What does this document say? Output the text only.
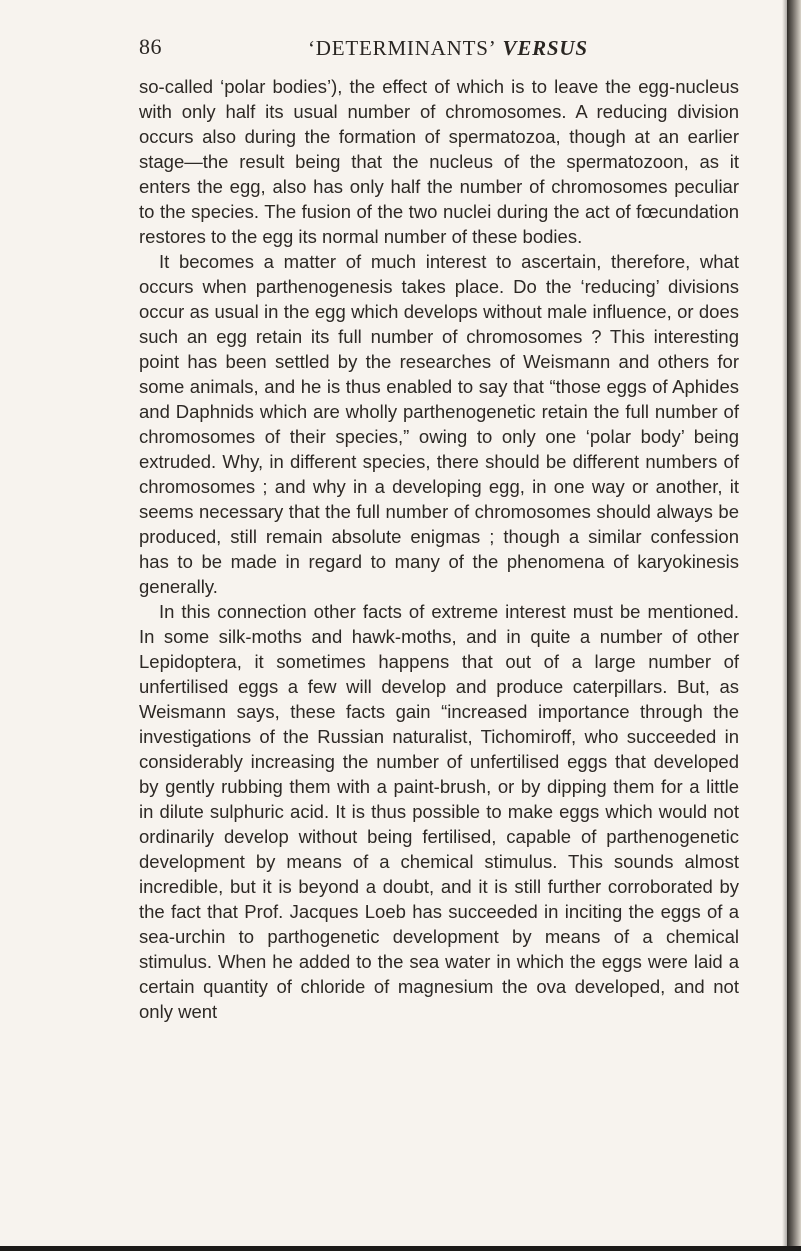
86	‘DETERMINANTS’ VERSUS

so-called ‘polar bodies’), the effect of which is to leave the egg-nucleus with only half its usual number of chromosomes. A reducing division occurs also during the formation of spermatozoa, though at an earlier stage—the result being that the nucleus of the spermatozoon, as it enters the egg, also has only half the number of chromosomes peculiar to the species. The fusion of the two nuclei during the act of fœcundation restores to the egg its normal number of these bodies.

It becomes a matter of much interest to ascertain, therefore, what occurs when parthenogenesis takes place. Do the ‘reducing’ divisions occur as usual in the egg which develops without male influence, or does such an egg retain its full number of chromosomes ? This interesting point has been settled by the researches of Weismann and others for some animals, and he is thus enabled to say that “those eggs of Aphides and Daphnids which are wholly parthenogenetic retain the full number of chromosomes of their species,” owing to only one ‘polar body’ being extruded. Why, in different species, there should be different numbers of chromosomes ; and why in a developing egg, in one way or another, it seems necessary that the full number of chromosomes should always be produced, still remain absolute enigmas ; though a similar confession has to be made in regard to many of the phenomena of karyokinesis generally.

In this connection other facts of extreme interest must be mentioned. In some silk-moths and hawk-moths, and in quite a number of other Lepidoptera, it sometimes happens that out of a large number of unfertilised eggs a few will develop and produce caterpillars. But, as Weismann says, these facts gain “increased importance through the investigations of the Russian naturalist, Tichomiroff, who succeeded in considerably increasing the number of unfertilised eggs that developed by gently rubbing them with a paint-brush, or by dipping them for a little in dilute sulphuric acid. It is thus possible to make eggs which would not ordinarily develop without being fertilised, capable of parthenogenetic development by means of a chemical stimulus. This sounds almost incredible, but it is beyond a doubt, and it is still further corroborated by the fact that Prof. Jacques Loeb has succeeded in inciting the eggs of a sea-urchin to parthogenetic development by means of a chemical stimulus. When he added to the sea water in which the eggs were laid a certain quantity of chloride of magnesium the ova developed, and not only went
